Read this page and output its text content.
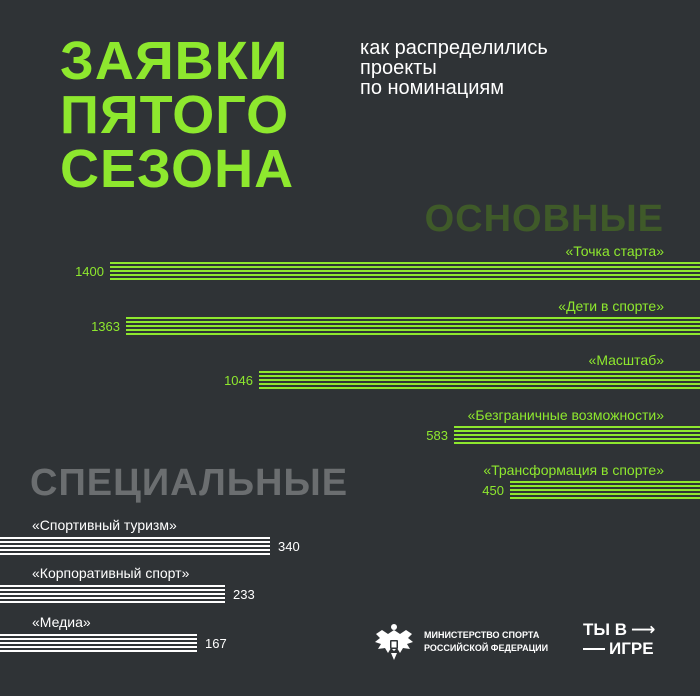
ЗАЯВКИ
ПЯТОГО
СЕЗОНА
как распределились
проекты
по номинациям
ОСНОВНЫЕ
СПЕЦИАЛЬНЫЕ
«Точка старта»
1400
«Дети в спорте»
1363
«Масштаб»
1046
«Безграничные возможности»
583
«Трансформация в спорте»
450
«Спортивный туризм»
340
«Корпоративный спорт»
233
«Медиа»
167
МИНИСТЕРСТВО СПОРТА
РОССИЙСКОЙ ФЕДЕРАЦИИ
ТЫ В ⟶
ИГРЕ
